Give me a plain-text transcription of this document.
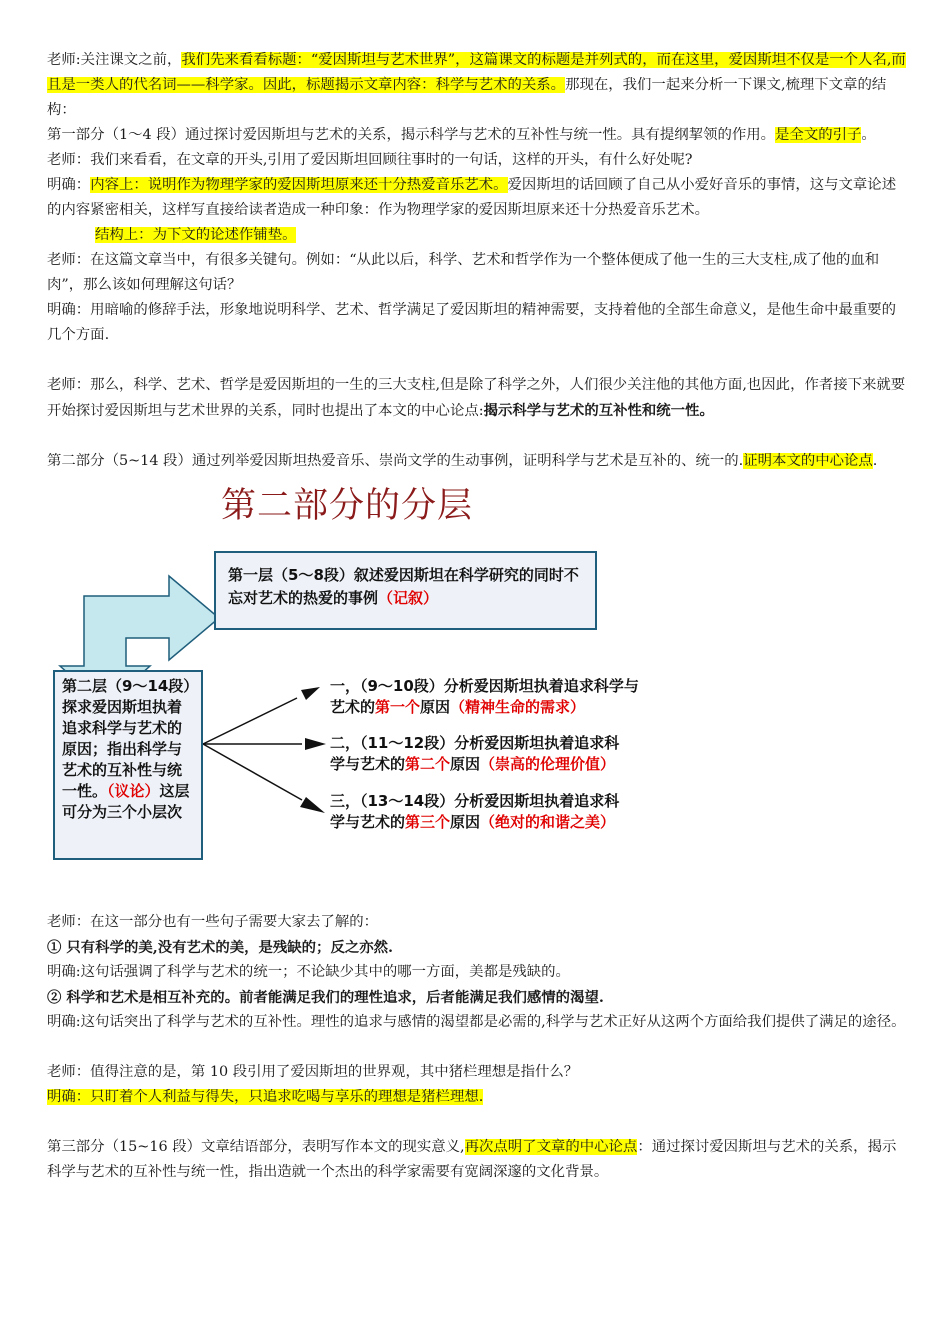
老师:关注课文之前，我们先来看看标题：“爱因斯坦与艺术世界”，这篇课文的标题是并列式的，而在这里，爱因斯坦不仅是一个人名,而且是一类人的代名词——科学家。因此，标题揭示文章内容：科学与艺术的关系。那现在，我们一起来分析一下课文,梳理下文章的结构：

第一部分（1～4 段）通过探讨爱因斯坦与艺术的关系，揭示科学与艺术的互补性与统一性。具有提纲挈领的作用。是全文的引子。

老师：我们来看看，在文章的开头,引用了爱因斯坦回顾往事时的一句话，这样的开头，有什么好处呢?

明确：内容上：说明作为物理学家的爱因斯坦原来还十分热爱音乐艺术。爱因斯坦的话回顾了自己从小爱好音乐的事情，这与文章论述的内容紧密相关，这样写直接给读者造成一种印象：作为物理学家的爱因斯坦原来还十分热爱音乐艺术。

结构上：为下文的论述作铺垫。

老师：在这篇文章当中，有很多关键句。例如：“从此以后，科学、艺术和哲学作为一个整体便成了他一生的三大支柱,成了他的血和肉”，那么该如何理解这句话？

明确：用暗喻的修辞手法，形象地说明科学、艺术、哲学满足了爱因斯坦的精神需要，支持着他的全部生命意义，是他生命中最重要的几个方面.

老师：那么，科学、艺术、哲学是爱因斯坦的一生的三大支柱,但是除了科学之外，人们很少关注他的其他方面,也因此，作者接下来就要开始探讨爱因斯坦与艺术世界的关系，同时也提出了本文的中心论点:揭示科学与艺术的互补性和统一性。

第二部分（5~14 段）通过列举爱因斯坦热爱音乐、崇尚文学的生动事例，证明科学与艺术是互补的、统一的.证明本文的中心论点.

第二部分的分层
第一层（5～8段）叙述爱因斯坦在科学研究的同时不忘对艺术的热爱的事例（记叙）
第二层（9～14段）探求爱因斯坦执着追求科学与艺术的原因；指出科学与艺术的互补性与统一性。（议论）这层可分为三个小层次
一，（9～10段）分析爱因斯坦执着追求科学与艺术的第一个原因（精神生命的需求）
二，（11～12段）分析爱因斯坦执着追求科学与艺术的第二个原因（崇高的伦理价值）
三，（13～14段）分析爱因斯坦执着追求科学与艺术的第三个原因（绝对的和谐之美）

老师：在这一部分也有一些句子需要大家去了解的：

① 只有科学的美,没有艺术的美，是残缺的；反之亦然.

明确:这句话强调了科学与艺术的统一；不论缺少其中的哪一方面，美都是残缺的。

② 科学和艺术是相互补充的。前者能满足我们的理性追求，后者能满足我们感情的渴望.

明确:这句话突出了科学与艺术的互补性。理性的追求与感情的渴望都是必需的,科学与艺术正好从这两个方面给我们提供了满足的途径。

老师：值得注意的是，第 10 段引用了爱因斯坦的世界观，其中猪栏理想是指什么？

明确：只盯着个人利益与得失，只追求吃喝与享乐的理想是猪栏理想.

第三部分（15~16 段）文章结语部分，表明写作本文的现实意义,再次点明了文章的中心论点：通过探讨爱因斯坦与艺术的关系，揭示科学与艺术的互补性与统一性，指出造就一个杰出的科学家需要有宽阔深邃的文化背景。
